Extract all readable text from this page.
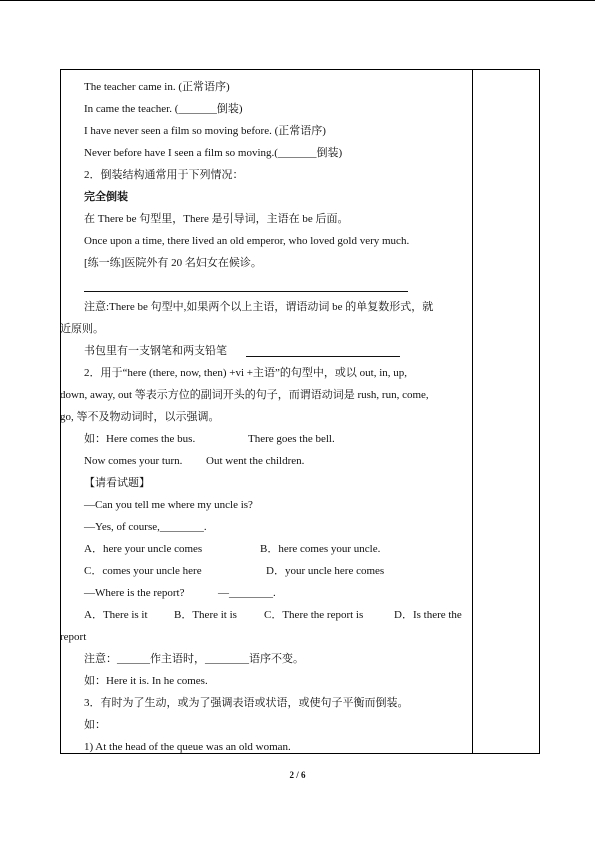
The teacher came in. (正常语序)
In came the teacher. (_______倒装)
I have never seen a film so moving before. (正常语序)
Never before have I seen a film so moving.(_______倒装)
2．倒装结构通常用于下列情况：
完全倒装
在 There be 句型里，There 是引导词，主语在 be 后面。
Once upon a time, there lived an old emperor, who loved gold very much.
[练一练]医院外有 20 名妇女在候诊。
注意:There be 句型中,如果两个以上主语，谓语动词 be 的单复数形式，就
近原则。
书包里有一支钢笔和两支铅笔
2．用于“here (there, now, then) +vi +主语”的句型中，或以 out, in, up,
down, away, out 等表示方位的副词开头的句子，而谓语动词是 rush, run, come,
go, 等不及物动词时，以示强调。
如：Here comes the bus.	There goes the bell.
Now comes your turn. Out went the children.
【请看试题】
—Can you tell me where my uncle is?
—Yes, of course,________.
A．here your uncle comes	B．here comes your uncle.
C．comes your uncle here	D．your uncle here comes
—Where is the report?	—________.
A．There is it B．There it is C．There the report is	D．Is there the
report
注意：______作主语时，________语序不变。
如：Here it is. In he comes.
3．有时为了生动，或为了强调表语或状语，或使句子平衡而倒装。
如：
1) At the head of the queue was an old woman.
2 / 6
